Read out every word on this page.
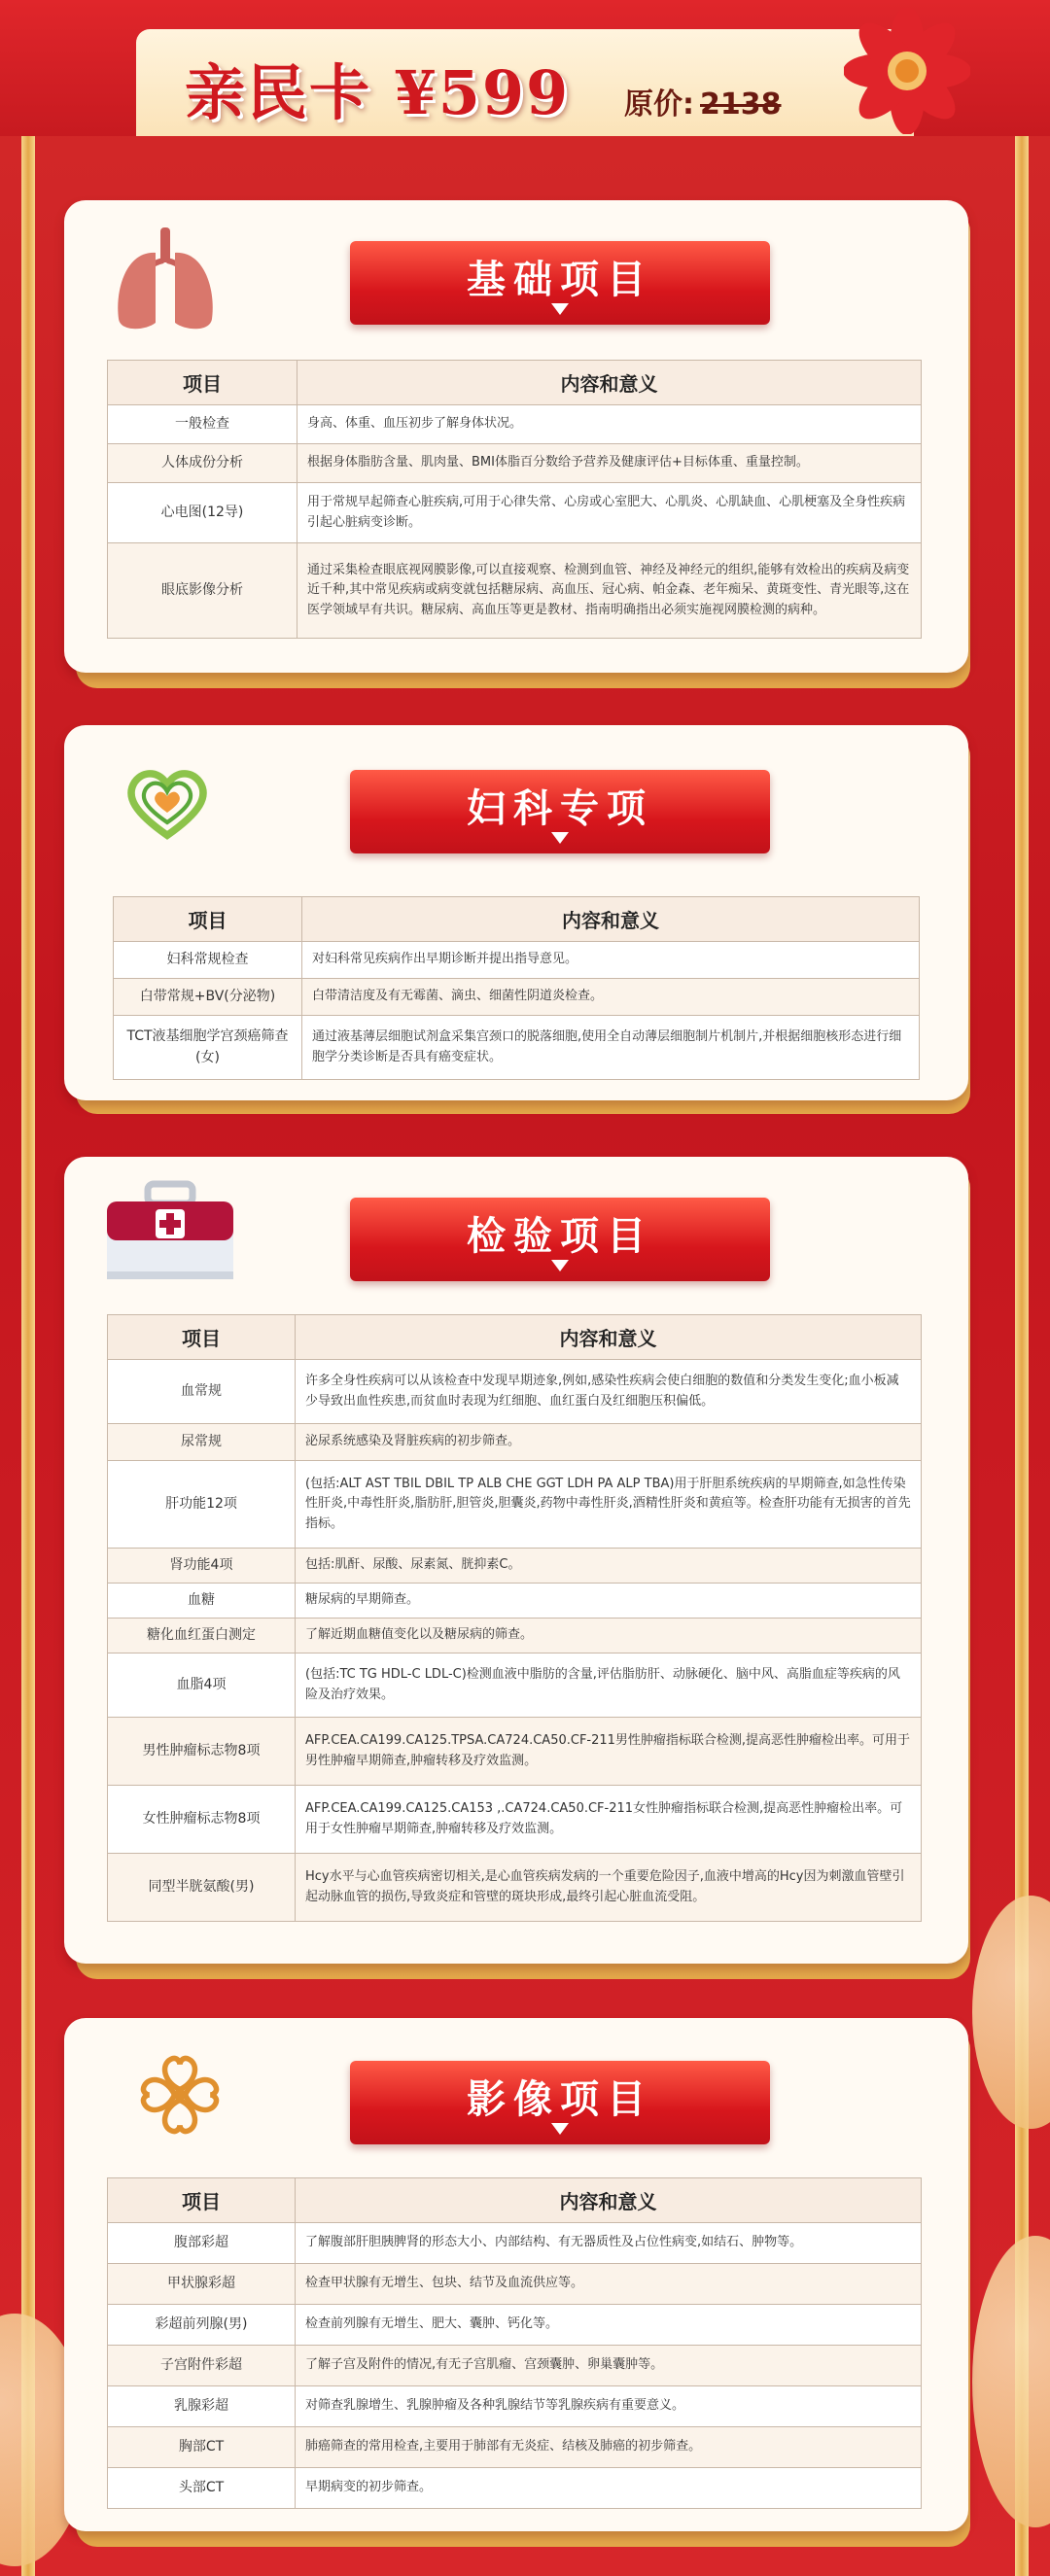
亲民卡 ¥599 原价: 2138
基础项目
项目	内容和意义
一般检查	身高、体重、血压初步了解身体状况。
人体成份分析	根据身体脂肪含量、肌肉量、BMI体脂百分数给予营养及健康评估+目标体重、重量控制。
心电图(12导)	用于常规早起筛查心脏疾病,可用于心律失常、心房或心室肥大、心肌炎、心肌缺血、心肌梗塞及全身性疾病引起心脏病变诊断。
眼底影像分析	通过采集检查眼底视网膜影像,可以直接观察、检测到血管、神经及神经元的组织,能够有效检出的疾病及病变近千种,其中常见疾病或病变就包括糖尿病、高血压、冠心病、帕金森、老年痴呆、黄斑变性、青光眼等,这在医学领域早有共识。糖尿病、高血压等更是教材、指南明确指出必须实施视网膜检测的病种。
妇科专项
项目	内容和意义
妇科常规检查	对妇科常见疾病作出早期诊断并提出指导意见。
白带常规+BV(分泌物)	白带清洁度及有无霉菌、滴虫、细菌性阴道炎检查。
TCT液基细胞学宫颈癌筛查(女)	通过液基薄层细胞试剂盒采集宫颈口的脱落细胞,使用全自动薄层细胞制片机制片,并根据细胞核形态进行细胞学分类诊断是否具有癌变症状。
检验项目
项目	内容和意义
血常规	许多全身性疾病可以从该检查中发现早期迹象,例如,感染性疾病会使白细胞的数值和分类发生变化;血小板减少导致出血性疾患,而贫血时表现为红细胞、血红蛋白及红细胞压积偏低。
尿常规	泌尿系统感染及肾脏疾病的初步筛查。
肝功能12项	(包括:ALT AST TBIL DBIL TP ALB CHE GGT LDH PA ALP TBA)用于肝胆系统疾病的早期筛查,如急性传染性肝炎,中毒性肝炎,脂肪肝,胆管炎,胆囊炎,药物中毒性肝炎,酒精性肝炎和黄疸等。检查肝功能有无损害的首先指标。
肾功能4项	包括:肌酐、尿酸、尿素氮、胱抑素C。
血糖	糖尿病的早期筛查。
糖化血红蛋白测定	了解近期血糖值变化以及糖尿病的筛查。
血脂4项	(包括:TC TG HDL-C LDL-C)检测血液中脂肪的含量,评估脂肪肝、动脉硬化、脑中风、高脂血症等疾病的风险及治疗效果。
男性肿瘤标志物8项	AFP.CEA.CA199.CA125.TPSA.CA724.CA50.CF-211男性肿瘤指标联合检测,提高恶性肿瘤检出率。可用于男性肿瘤早期筛查,肿瘤转移及疗效监测。
女性肿瘤标志物8项	AFP.CEA.CA199.CA125.CA153 ,.CA724.CA50.CF-211女性肿瘤指标联合检测,提高恶性肿瘤检出率。可用于女性肿瘤早期筛查,肿瘤转移及疗效监测。
同型半胱氨酸(男)	Hcy水平与心血管疾病密切相关,是心血管疾病发病的一个重要危险因子,血液中增高的Hcy因为刺激血管壁引起动脉血管的损伤,导致炎症和管壁的斑块形成,最终引起心脏血流受阻。
影像项目
项目	内容和意义
腹部彩超	了解腹部肝胆胰脾肾的形态大小、内部结构、有无器质性及占位性病变,如结石、肿物等。
甲状腺彩超	检查甲状腺有无增生、包块、结节及血流供应等。
彩超前列腺(男)	检查前列腺有无增生、肥大、囊肿、钙化等。
子宫附件彩超	了解子宫及附件的情况,有无子宫肌瘤、宫颈囊肿、卵巢囊肿等。
乳腺彩超	对筛查乳腺增生、乳腺肿瘤及各种乳腺结节等乳腺疾病有重要意义。
胸部CT	肺癌筛查的常用检查,主要用于肺部有无炎症、结核及肺癌的初步筛查。
头部CT	早期病变的初步筛查。
